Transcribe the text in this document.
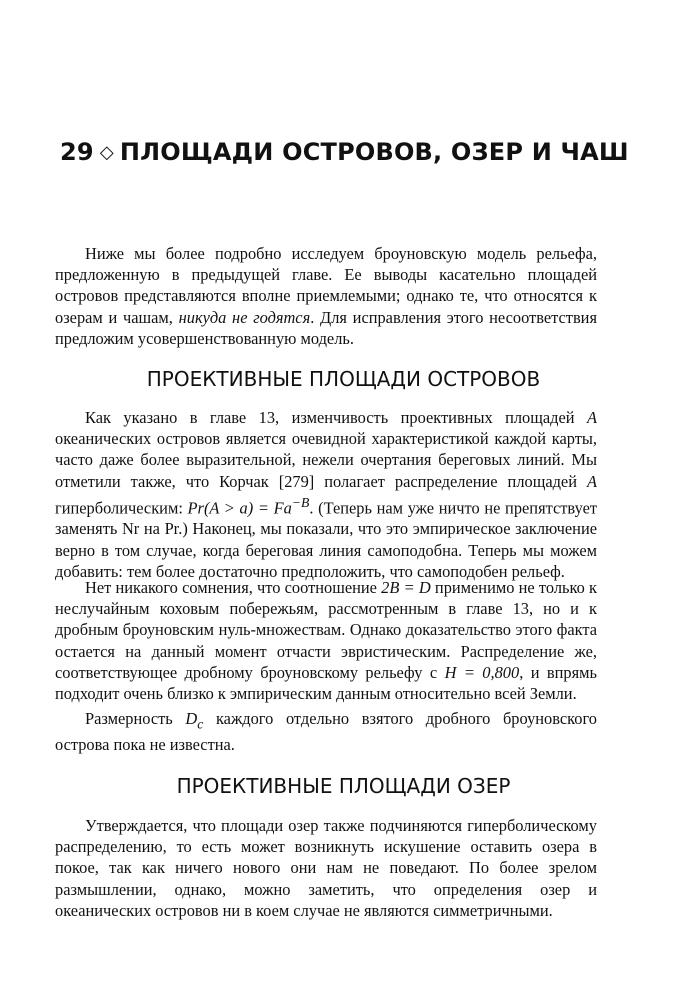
29 ◇ ПЛОЩАДИ ОСТРОВОВ, ОЗЕР И ЧАШ

Ниже мы более подробно исследуем броуновскую модель рельефа, предложенную в предыдущей главе. Ее выводы касательно площадей островов представляются вполне приемлемыми; однако те, что относятся к озерам и чашам, никуда не годятся. Для исправления этого несоответствия предложим усовершенствованную модель.

ПРОЕКТИВНЫЕ ПЛОЩАДИ ОСТРОВОВ

Как указано в главе 13, изменчивость проективных площадей A океанических островов является очевидной характеристикой каждой карты, часто даже более выразительной, нежели очертания береговых линий. Мы отметили также, что Корчак [279] полагает распределение площадей A гиперболическим: $Pr(A > a) = Fa^{-B}$. (Теперь нам уже ничто не препятствует заменять Nr на Pr.) Наконец, мы показали, что это эмпирическое заключение верно в том случае, когда береговая линия самоподобна. Теперь мы можем добавить: тем более достаточно предположить, что самоподобен рельеф.

Нет никакого сомнения, что соотношение 2B = D применимо не только к неслучайным коховым побережьям, рассмотренным в главе 13, но и к дробным броуновским нуль-множествам. Однако доказательство этого факта остается на данный момент отчасти эвристическим. Распределение же, соответствующее дробному броуновскому рельефу с H = 0,800, и впрямь подходит очень близко к эмпирическим данным относительно всей Земли.

Размерность $D_c$ каждого отдельно взятого дробного броуновского острова пока не известна.

ПРОЕКТИВНЫЕ ПЛОЩАДИ ОЗЕР

Утверждается, что площади озер также подчиняются гиперболическому распределению, то есть может возникнуть искушение оставить озера в покое, так как ничего нового они нам не поведают. По более зрелом размышлении, однако, можно заметить, что определения озер и океанических островов ни в коем случае не являются симметричными.
